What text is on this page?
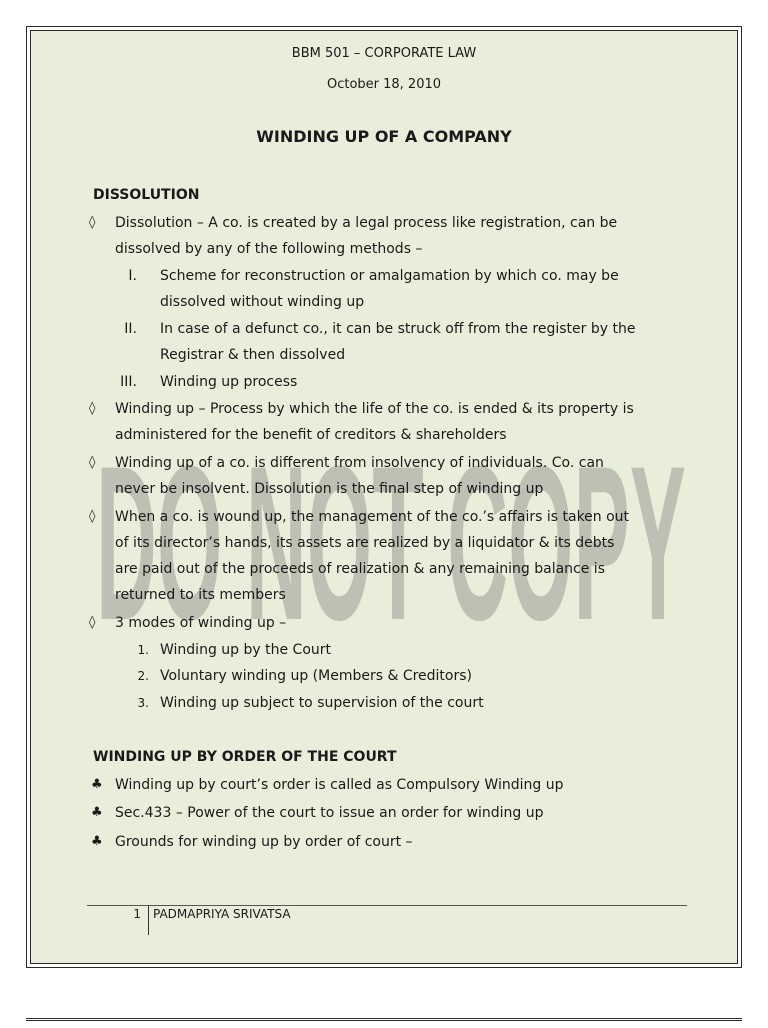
DO NOT COPY
BBM 501 – CORPORATE LAW
October 18, 2010
WINDING UP OF A COMPANY
DISSOLUTION
◊ Dissolution – A co. is created by a legal process like registration, can be
dissolved by any of the following methods –
I. Scheme for reconstruction or amalgamation by which co. may be
dissolved without winding up
II. In case of a defunct co., it can be struck off from the register by the
Registrar & then dissolved
III. Winding up process
◊ Winding up – Process by which the life of the co. is ended & its property is
administered for the benefit of creditors & shareholders
◊ Winding up of a co. is different from insolvency of individuals. Co. can
never be insolvent. Dissolution is the final step of winding up
◊ When a co. is wound up, the management of the co.’s affairs is taken out
of its director’s hands, its assets are realized by a liquidator & its debts
are paid out of the proceeds of realization & any remaining balance is
returned to its members
◊ 3 modes of winding up –
1. Winding up by the Court
2. Voluntary winding up (Members & Creditors)
3. Winding up subject to supervision of the court
WINDING UP BY ORDER OF THE COURT
♣ Winding up by court’s order is called as Compulsory Winding up
♣ Sec.433 – Power of the court to issue an order for winding up
♣ Grounds for winding up by order of court –
1 PADMAPRIYA SRIVATSA
